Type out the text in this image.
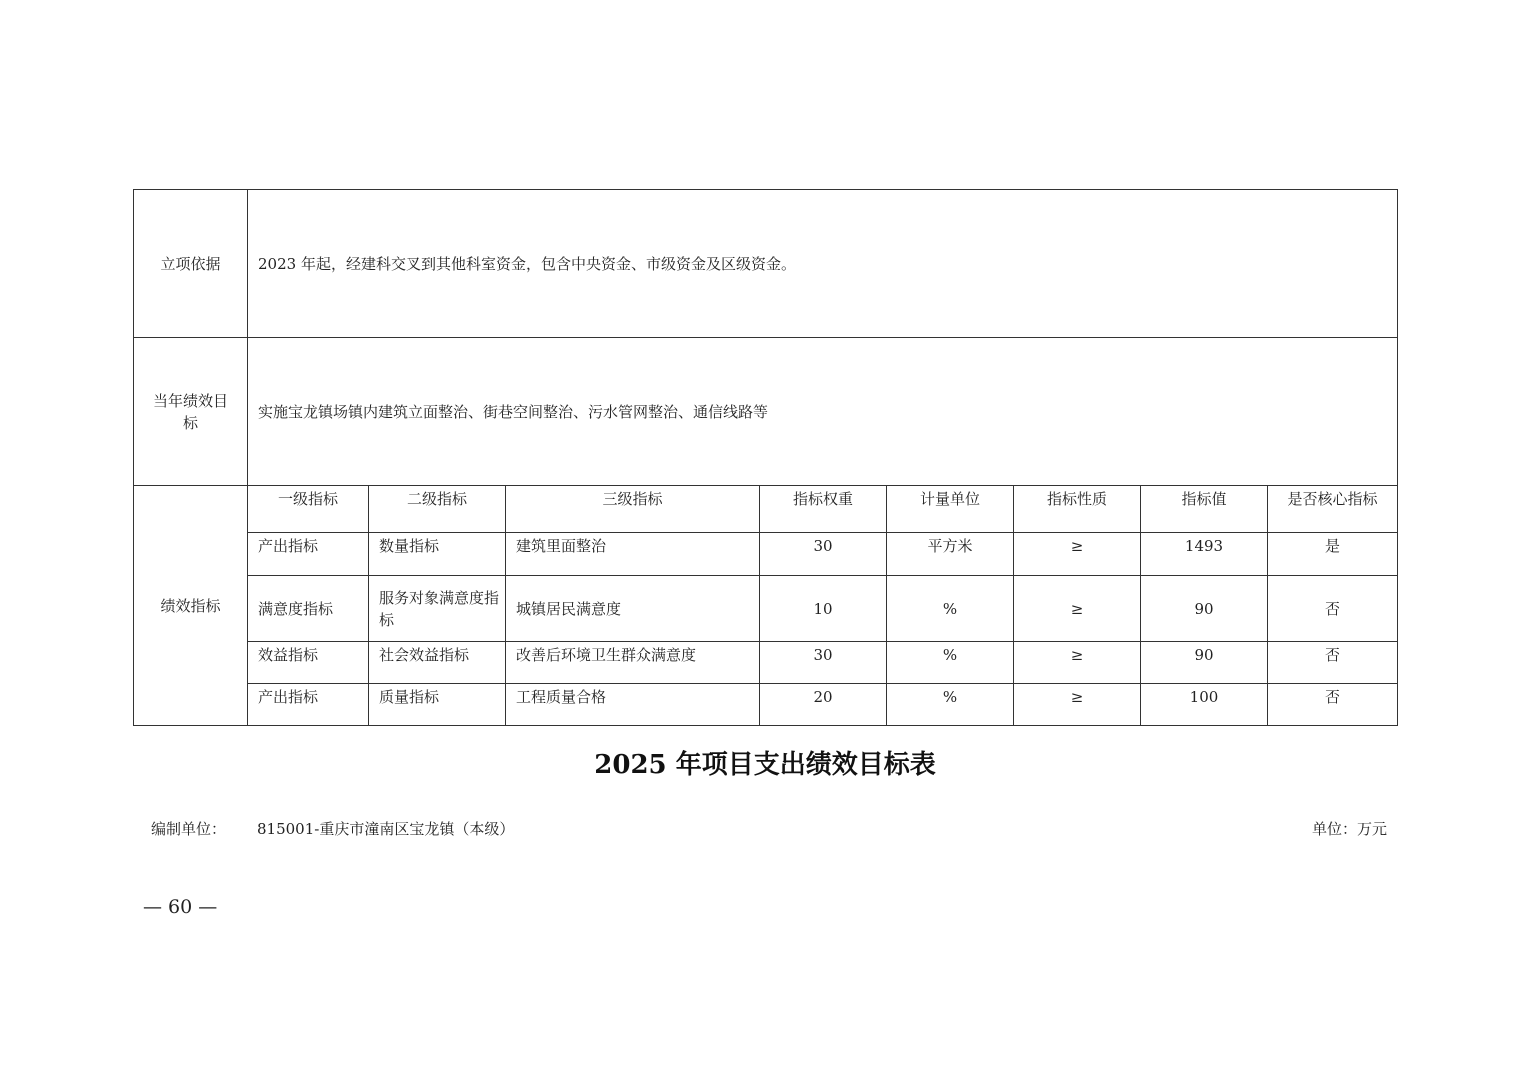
立项依据	2023 年起，经建科交叉到其他科室资金，包含中央资金、市级资金及区级资金。							
当年绩效目标	实施宝龙镇场镇内建筑立面整治、街巷空间整治、污水管网整治、通信线路等							
绩效指标	一级指标	二级指标	三级指标	指标权重	计量单位	指标性质	指标值	是否核心指标
	产出指标	数量指标	建筑里面整治	30	平方米	≥	1493	是
	满意度指标	服务对象满意度指标	城镇居民满意度	10	%	≥	90	否
	效益指标	社会效益指标	改善后环境卫生群众满意度	30	%	≥	90	否
	产出指标	质量指标	工程质量合格	20	%	≥	100	否
2025 年项目支出绩效目标表
编制单位： 815001-重庆市潼南区宝龙镇（本级）	单位：万元
— 60 —
